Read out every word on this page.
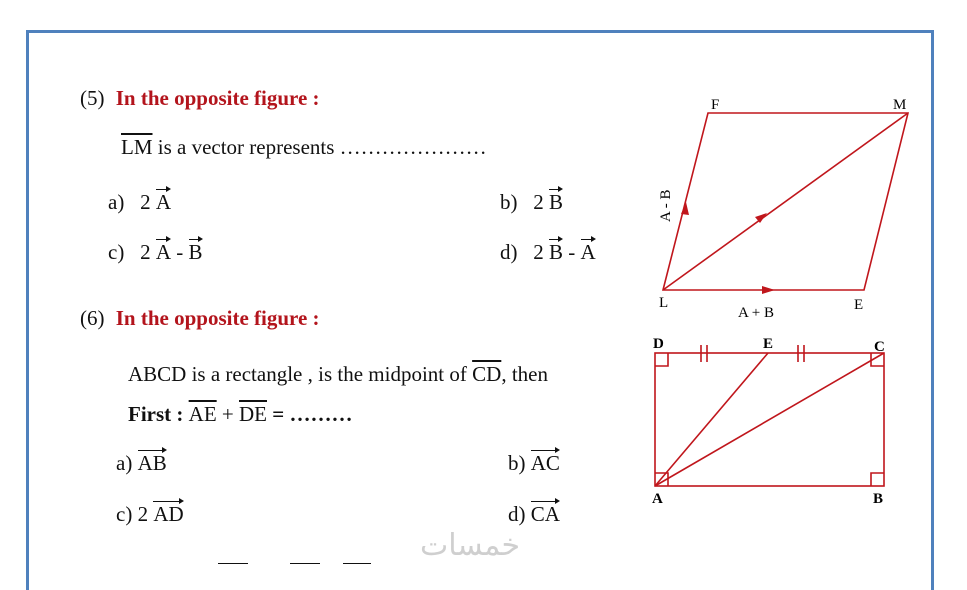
(5) In the opposite figure :
$\overline{LM}$ is a vector represents …………………
a) 2 A	b) 2 B
c) 2 A - B	d) 2 B - A
(6) In the opposite figure :
ABCD is a rectangle , is the midpoint of $\overline{CD}$, then
First : $\overline{AE} + \overline{DE}$ = ………
a) AB	b) AC
c) 2 AD	d) CA
F	M
L	E
A + B
A - B
D	E	C
A	B
خمسات
